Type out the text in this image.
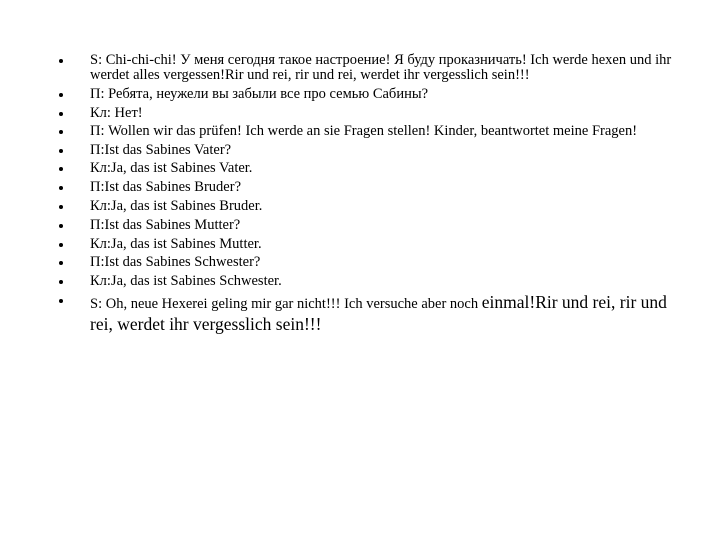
S: Chi-chi-chi! У меня сегодня такое настроение! Я буду проказничать! Ich werde hexen und ihr werdet alles vergessen!Rir und rei, rir und rei, werdet ihr vergesslich sein!!!
П: Ребята, неужели вы забыли все про семью Сабины?
Кл: Нет!
П: Wollen wir das prüfen! Ich werde an sie Fragen stellen! Kinder, beantwortet meine Fragen!
П:Ist das Sabines Vater?
Кл:Ja, das ist Sabines Vater.
П:Ist das Sabines Bruder?
Кл:Ja, das ist Sabines Bruder.
П:Ist das Sabines Mutter?
Кл:Ja, das ist Sabines Mutter.
П:Ist das Sabines Schwester?
Кл:Ja, das ist Sabines Schwester.
S: Oh, neue Hexerei geling mir gar nicht!!! Ich versuche aber noch einmal!Rir und rei, rir und rei, werdet ihr vergesslich sein!!!
